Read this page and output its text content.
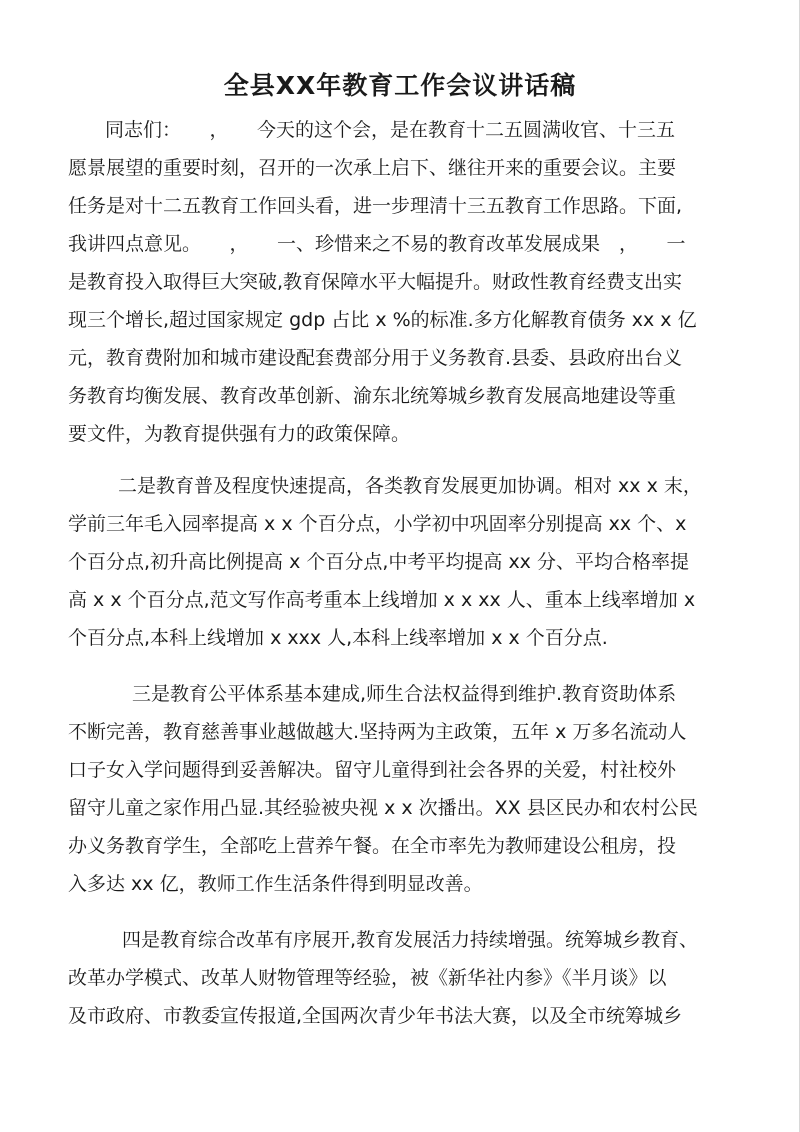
全县XX年教育工作会议讲话稿
同志们：　　，　　今天的这个会，是在教育十二五圆满收官、十三五
愿景展望的重要时刻，召开的一次承上启下、继往开来的重要会议。主要
任务是对十二五教育工作回头看，进一步理清十三五教育工作思路。下面,
我讲四点意见。　　，　　一、珍惜来之不易的教育改革发展成果　，　　一
是教育投入取得巨大突破,教育保障水平大幅提升。财政性教育经费支出实
现三个增长,超过国家规定 gdp 占比 x %的标准.多方化解教育债务 xx x 亿
元，教育费附加和城市建设配套费部分用于义务教育.县委、县政府出台义
务教育均衡发展、教育改革创新、渝东北统筹城乡教育发展高地建设等重
要文件，为教育提供强有力的政策保障。
二是教育普及程度快速提高，各类教育发展更加协调。相对 xx x 末，
学前三年毛入园率提高 x x 个百分点，小学初中巩固率分别提高 xx 个、x
个百分点,初升高比例提高 x 个百分点,中考平均提高 xx 分、平均合格率提
高 x x 个百分点,范文写作高考重本上线增加 x x xx 人、重本上线率增加 x
个百分点,本科上线增加 x xxx 人,本科上线率增加 x x 个百分点.
三是教育公平体系基本建成,师生合法权益得到维护.教育资助体系
不断完善，教育慈善事业越做越大.坚持两为主政策，五年 x 万多名流动人
口子女入学问题得到妥善解决。留守儿童得到社会各界的关爱，村社校外
留守儿童之家作用凸显.其经验被央视 x x 次播出。XX 县区民办和农村公民
办义务教育学生，全部吃上营养午餐。在全市率先为教师建设公租房，投
入多达 xx 亿，教师工作生活条件得到明显改善。
四是教育综合改革有序展开,教育发展活力持续增强。统筹城乡教育、
改革办学模式、改革人财物管理等经验，被《新华社内参》《半月谈》以
及市政府、市教委宣传报道,全国两次青少年书法大赛，以及全市统筹城乡
